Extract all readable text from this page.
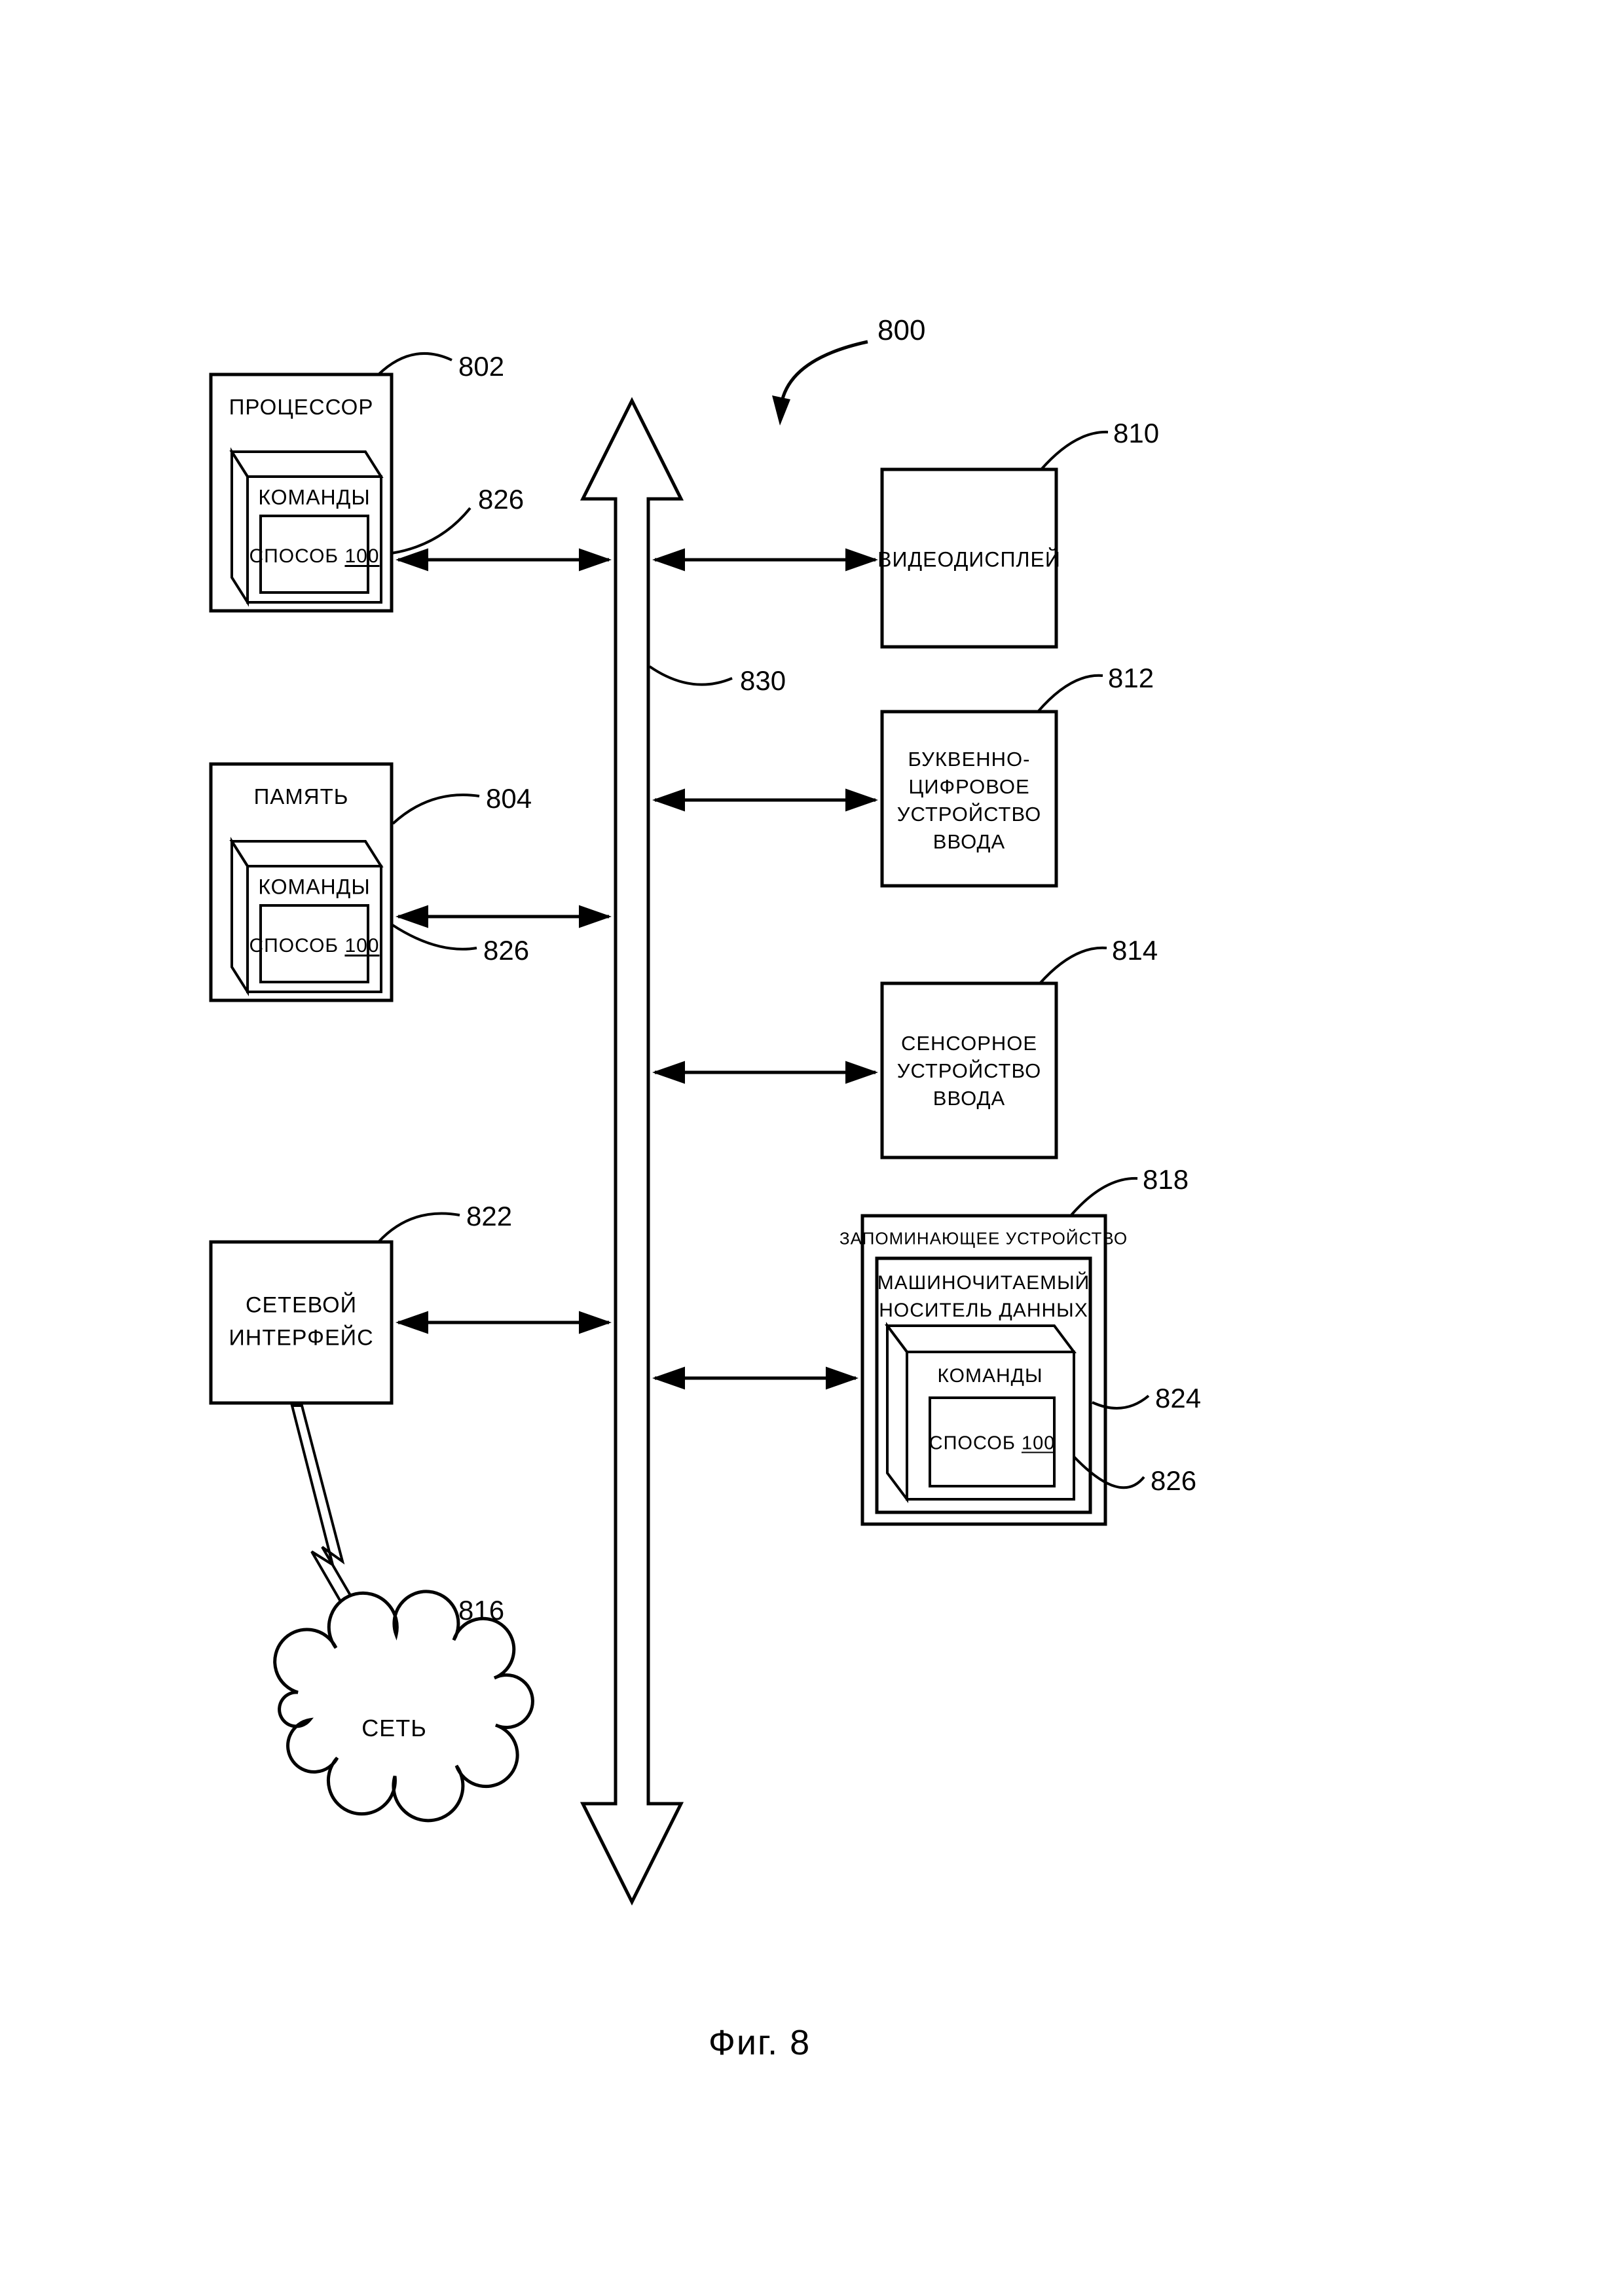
ПРОЦЕССОР
КОМАНДЫ
СПОСОБ 100
802
826
ПАМЯТЬ
КОМАНДЫ
СПОСОБ 100
804
826
СЕТЕВОЙ
ИНТЕРФЕЙС
822
СЕТЬ
816
ВИДЕОДИСПЛЕЙ
810
БУКВЕННО-
ЦИФРОВОЕ
УСТРОЙСТВО
ВВОДА
812
СЕНСОРНОЕ
УСТРОЙСТВО
ВВОДА
814
ЗАПОМИНАЮЩЕЕ УСТРОЙСТВО
МАШИНОЧИТАЕМЫЙ
НОСИТЕЛЬ ДАННЫХ
КОМАНДЫ
СПОСОБ 100
818
824
826
800
830
Фиг. 8
